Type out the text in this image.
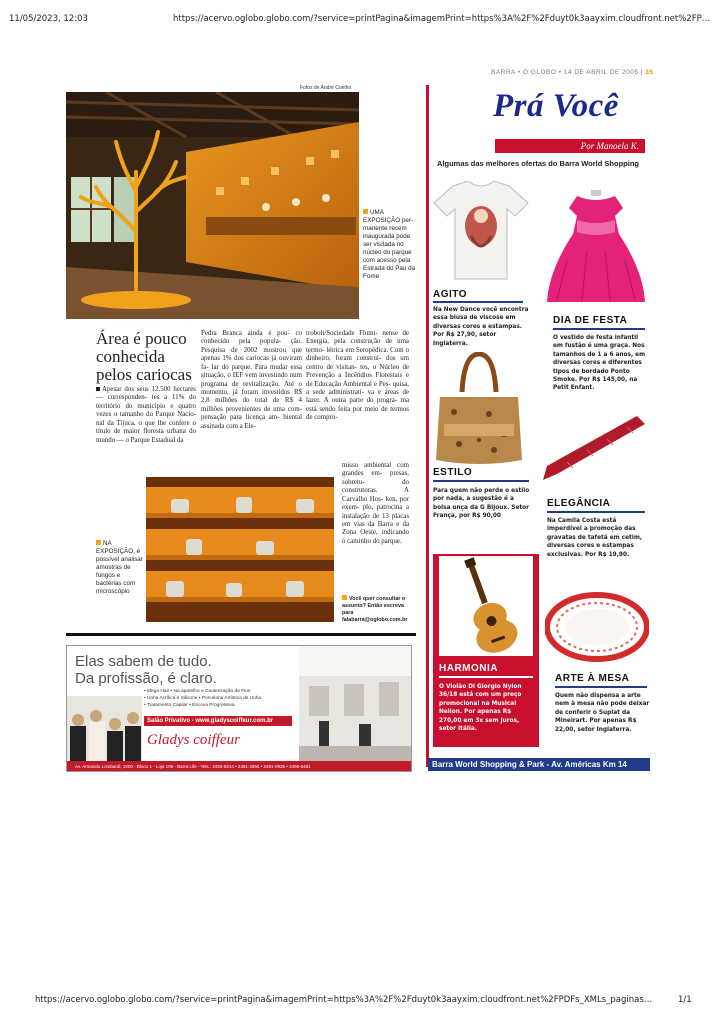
11/05/2023, 12:03	https://acervo.oglobo.globo.com/?service=printPagina&imagemPrint=https%3A%2F%2Fduyt0k3aayxim.cloudfront.net%2FP…
Fotos de André Coelho
UMA EXPOSIÇÃO per- manente recém inaugurada pode ser visitada no núcleo do parque com acesso pela Estrada do Pau da Fome
Área é pouco conhecida pelos cariocas
Apesar dos seus 12.500 hectares — corresponden- tes a 11% do território do município e quatro vezes o tamanho do Parque Nacio- nal da Tijuca, o que lhe confere o título de maior floresta urbana do mundo — o Parque Estadual da
Pedra Branca ainda é pou- co conhecido pela popula- ção. Pesquisa de 2002 mostrou que apenas 1% dos cariocas já ouviram fa- lar do parque. Para mudar essa situação, o IEF vem investindo num programa de revitalização. Até o momento, já foram investidos R$ 2,8 milhões do total de R$ 4 milhões provenientes de uma com- pensação para licença am- biental assinada com a Ele-
trobolt/Sociedade Flumi- nense de Energia, pela construção de uma termo- létrica em Seropédica. Com o dinheiro, foram construí- dos um centro de visitan- tes, o Núcleo de Prevenção a Incêndios Florestais e de Educação Ambiental e Pes- quisa, a sede administrati- va e áreas de lazer. A outra parte do progra- ma está sendo feita por meio de termos de compro-
misso ambiental com grandes em- presas, sobretu- do construtoras. A Carvalho Hos- ken, por exem- plo, patrocina a instalação de 13 placas em vias da Barra e da Zona Oeste, indicando o caminho do parque.
NA EXPOSIÇÃO, é possível analisar amostras de fungos e bactérias com microscópio
Você quer consultar o assunto? Então escreva para falabarra@oglobo.com.br
Elas sabem de tudo.
Da profissão, é claro.
• Mega Hair • Na aparelho e Cauterização de Fios
• Unha Acrílica e Silicone • Porcelana Artística de Unha
• Tratamento Capilar • Escova Progressiva
Salão Privativo - www.gladyscoiffeur.com.br
Gladys coiffeur
Av. Armando Lombardi, 1000 - Bloco 1 - Loja 108 - Barra Life - Tels.: 2493-9214 • 2491-2565 • 2491-0935 • 2495-6481
BARRA • O GLOBO • 14 DE ABRIL DE 2005 | 35
Prá Você
Por Manoela K.
Algumas das melhores ofertas do Barra World Shopping
AGITO
Na New Dance você encontra essa blusa de viscose em diversas cores e estampas. Por R$ 27,90, setor Inglaterra.
DIA DE FESTA
O vestido de festa infantil em fustão é uma graça. Nos tamanhos de 1 a 6 anos, em diversas cores e diferentes tipos de bordado Ponto Smoke. Por R$ 145,00, na Petit Enfant.
ESTILO
Para quem não perde o estilo por nada, a sugestão é a bolsa onça da G Bijoux. Setor França, por R$ 90,00
ELEGÂNCIA
Na Camila Costa está imperdível a promoção das gravatas de tafetá em cetim, diversas cores e estampas exclusivas. Por R$ 19,90.
HARMONIA
O Violão Di Giorgio Nylon 36/18 está com um preço promocional na Musical Nelion. Por apenas R$ 270,00 em 3x sem juros, setor Itália.
ARTE À MESA
Quem não dispensa a arte nem à mesa não pode deixar de conferir o Suplat da Mineirart. Por apenas R$ 22,00, setor Inglaterra.
Barra World Shopping & Park - Av. Américas Km 14
https://acervo.oglobo.globo.com/?service=printPagina&imagemPrint=https%3A%2F%2Fduyt0k3aayxim.cloudfront.net%2FPDFs_XMLs_paginas…	1/1
